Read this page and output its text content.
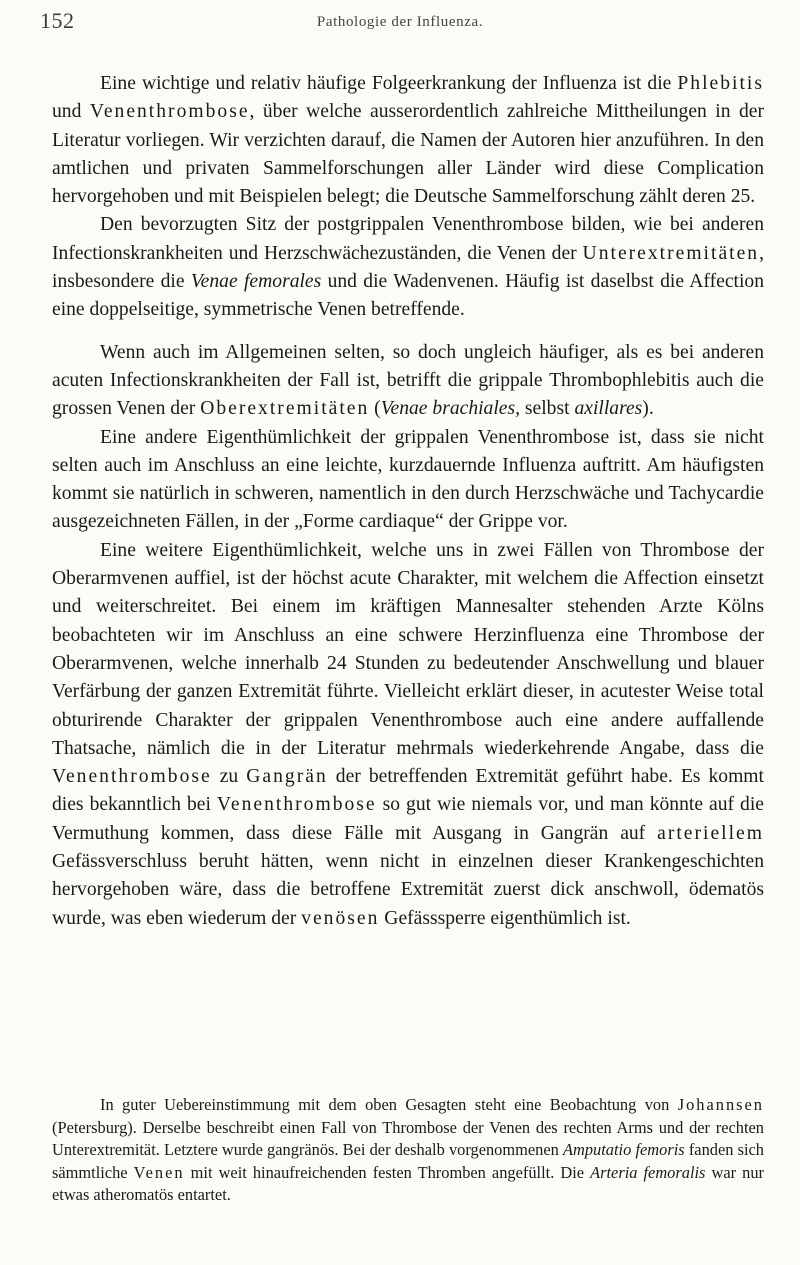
152	Pathologie der Influenza.

Eine wichtige und relativ häufige Folgeerkrankung der Influenza ist die Phlebitis und Venenthrombose, über welche ausserordentlich zahlreiche Mittheilungen in der Literatur vorliegen. Wir verzichten darauf, die Namen der Autoren hier anzuführen. In den amtlichen und privaten Sammelforschungen aller Länder wird diese Complication hervorgehoben und mit Beispielen belegt; die Deutsche Sammelforschung zählt deren 25.

Den bevorzugten Sitz der postgrippalen Venenthrombose bilden, wie bei anderen Infectionskrankheiten und Herzschwächezuständen, die Venen der Unterextremitäten, insbesondere die Venae femorales und die Wadenvenen. Häufig ist daselbst die Affection eine doppelseitige, symmetrische Venen betreffende.

Wenn auch im Allgemeinen selten, so doch ungleich häufiger, als es bei anderen acuten Infectionskrankheiten der Fall ist, betrifft die grippale Thrombophlebitis auch die grossen Venen der Oberextremitäten (Venae brachiales, selbst axillares).

Eine andere Eigenthümlichkeit der grippalen Venenthrombose ist, dass sie nicht selten auch im Anschluss an eine leichte, kurzdauernde Influenza auftritt. Am häufigsten kommt sie natürlich in schweren, namentlich in den durch Herzschwäche und Tachycardie ausgezeichneten Fällen, in der „Forme cardiaque“ der Grippe vor.

Eine weitere Eigenthümlichkeit, welche uns in zwei Fällen von Thrombose der Oberarmvenen auffiel, ist der höchst acute Charakter, mit welchem die Affection einsetzt und weiterschreitet. Bei einem im kräftigen Mannesalter stehenden Arzte Kölns beobachteten wir im Anschluss an eine schwere Herzinfluenza eine Thrombose der Oberarmvenen, welche innerhalb 24 Stunden zu bedeutender Anschwellung und blauer Verfärbung der ganzen Extremität führte. Vielleicht erklärt dieser, in acutester Weise total obturirende Charakter der grippalen Venenthrombose auch eine andere auffallende Thatsache, nämlich die in der Literatur mehrmals wiederkehrende Angabe, dass die Venenthrombose zu Gangrän der betreffenden Extremität geführt habe. Es kommt dies bekanntlich bei Venenthrombose so gut wie niemals vor, und man könnte auf die Vermuthung kommen, dass diese Fälle mit Ausgang in Gangrän auf arteriellem Gefässverschluss beruht hätten, wenn nicht in einzelnen dieser Krankengeschichten hervorgehoben wäre, dass die betroffene Extremität zuerst dick anschwoll, ödematös wurde, was eben wiederum der venösen Gefässsperre eigenthümlich ist.

In guter Uebereinstimmung mit dem oben Gesagten steht eine Beobachtung von Johannsen (Petersburg). Derselbe beschreibt einen Fall von Thrombose der Venen des rechten Arms und der rechten Unterextremität. Letztere wurde gangränös. Bei der deshalb vorgenommenen Amputatio femoris fanden sich sämmtliche Venen mit weit hinaufreichenden festen Thromben angefüllt. Die Arteria femoralis war nur etwas atheromatös entartet.
